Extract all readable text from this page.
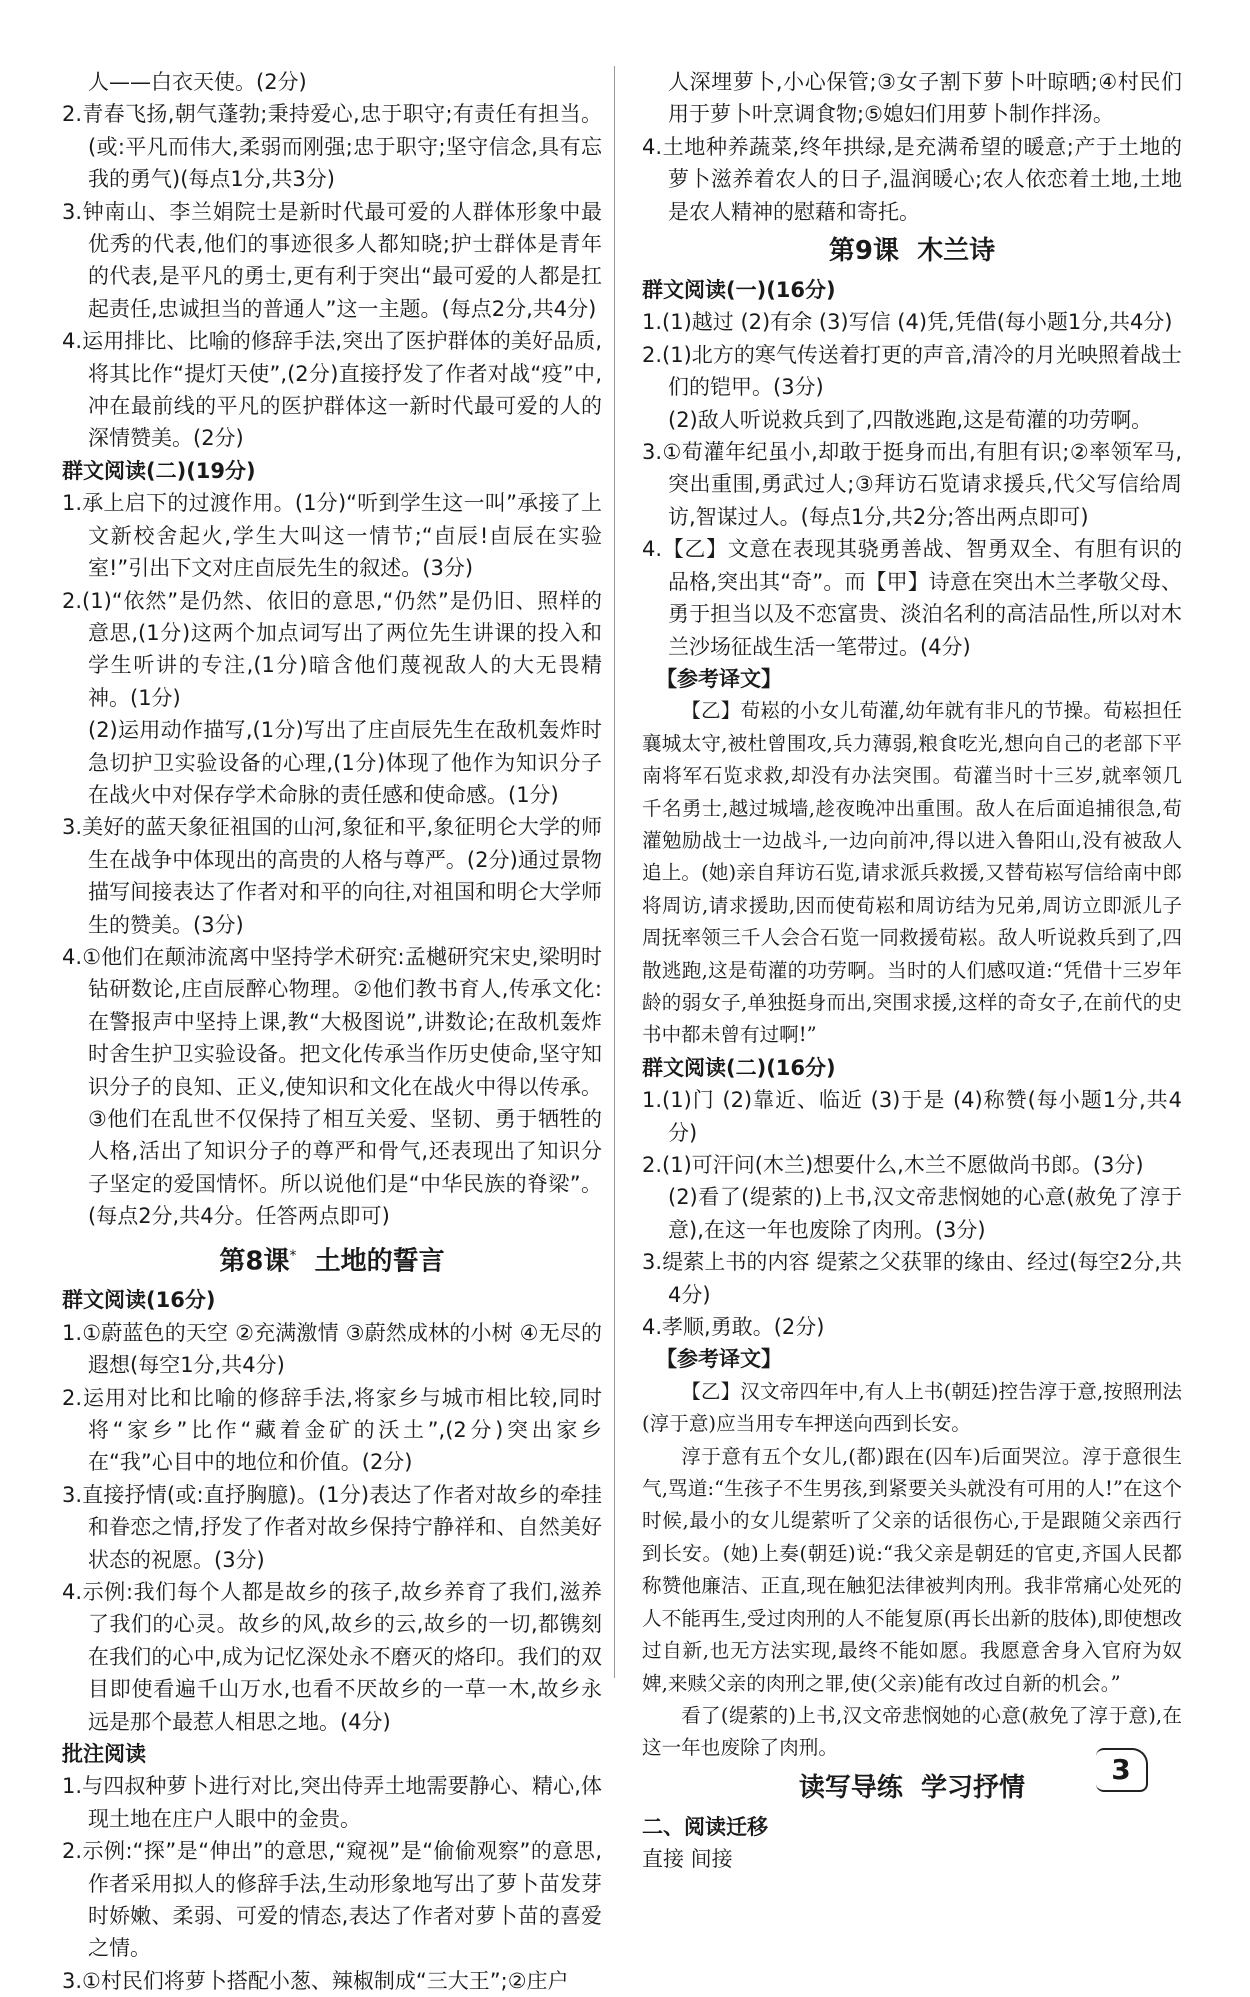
人——白衣天使。(2分)
2.青春飞扬,朝气蓬勃;秉持爱心,忠于职守;有责任有担当。(或:平凡而伟大,柔弱而刚强;忠于职守;坚守信念,具有忘我的勇气)(每点1分,共3分)
3.钟南山、李兰娟院士是新时代最可爱的人群体形象中最优秀的代表,他们的事迹很多人都知晓;护士群体是青年的代表,是平凡的勇士,更有利于突出“最可爱的人都是扛起责任,忠诚担当的普通人”这一主题。(每点2分,共4分)
4.运用排比、比喻的修辞手法,突出了医护群体的美好品质,将其比作“提灯天使”,(2分)直接抒发了作者对战“疫”中,冲在最前线的平凡的医护群体这一新时代最可爱的人的深情赞美。(2分)
群文阅读(二)(19分)
1.承上启下的过渡作用。(1分)“听到学生这一叫”承接了上文新校舍起火,学生大叫这一情节;“卣辰!卣辰在实验室!”引出下文对庄卣辰先生的叙述。(3分)
2.(1)“依然”是仍然、依旧的意思,“仍然”是仍旧、照样的意思,(1分)这两个加点词写出了两位先生讲课的投入和学生听讲的专注,(1分)暗含他们蔑视敌人的大无畏精神。(1分)
(2)运用动作描写,(1分)写出了庄卣辰先生在敌机轰炸时急切护卫实验设备的心理,(1分)体现了他作为知识分子在战火中对保存学术命脉的责任感和使命感。(1分)
3.美好的蓝天象征祖国的山河,象征和平,象征明仑大学的师生在战争中体现出的高贵的人格与尊严。(2分)通过景物描写间接表达了作者对和平的向往,对祖国和明仑大学师生的赞美。(3分)
4.①他们在颠沛流离中坚持学术研究:孟樾研究宋史,梁明时钻研数论,庄卣辰醉心物理。②他们教书育人,传承文化:在警报声中坚持上课,教“大极图说”,讲数论;在敌机轰炸时舍生护卫实验设备。把文化传承当作历史使命,坚守知识分子的良知、正义,使知识和文化在战火中得以传承。③他们在乱世不仅保持了相互关爱、坚韧、勇于牺牲的人格,活出了知识分子的尊严和骨气,还表现出了知识分子坚定的爱国情怀。所以说他们是“中华民族的脊梁”。(每点2分,共4分。任答两点即可)
第8课* 土地的誓言
群文阅读(16分)
1.①蔚蓝色的天空 ②充满激情 ③蔚然成林的小树 ④无尽的遐想(每空1分,共4分)
2.运用对比和比喻的修辞手法,将家乡与城市相比较,同时将“家乡”比作“藏着金矿的沃土”,(2分)突出家乡在“我”心目中的地位和价值。(2分)
3.直接抒情(或:直抒胸臆)。(1分)表达了作者对故乡的牵挂和眷恋之情,抒发了作者对故乡保持宁静祥和、自然美好状态的祝愿。(3分)
4.示例:我们每个人都是故乡的孩子,故乡养育了我们,滋养了我们的心灵。故乡的风,故乡的云,故乡的一切,都镌刻在我们的心中,成为记忆深处永不磨灭的烙印。我们的双目即使看遍千山万水,也看不厌故乡的一草一木,故乡永远是那个最惹人相思之地。(4分)
批注阅读
1.与四叔种萝卜进行对比,突出侍弄土地需要静心、精心,体现土地在庄户人眼中的金贵。
2.示例:“探”是“伸出”的意思,“窥视”是“偷偷观察”的意思,作者采用拟人的修辞手法,生动形象地写出了萝卜苗发芽时娇嫩、柔弱、可爱的情态,表达了作者对萝卜苗的喜爱之情。
3.①村民们将萝卜搭配小葱、辣椒制成“三大王”;②庄户
人深埋萝卜,小心保管;③女子割下萝卜叶晾晒;④村民们用于萝卜叶烹调食物;⑤媳妇们用萝卜制作拌汤。
4.土地种养蔬菜,终年拱绿,是充满希望的暖意;产于土地的萝卜滋养着农人的日子,温润暖心;农人依恋着土地,土地是农人精神的慰藉和寄托。
第9课 木兰诗
群文阅读(一)(16分)
1.(1)越过 (2)有余 (3)写信 (4)凭,凭借(每小题1分,共4分)
2.(1)北方的寒气传送着打更的声音,清冷的月光映照着战士们的铠甲。(3分)
(2)敌人听说救兵到了,四散逃跑,这是荀灌的功劳啊。
3.①荀灌年纪虽小,却敢于挺身而出,有胆有识;②率领军马,突出重围,勇武过人;③拜访石览请求援兵,代父写信给周访,智谋过人。(每点1分,共2分;答出两点即可)
4.【乙】文意在表现其骁勇善战、智勇双全、有胆有识的品格,突出其“奇”。而【甲】诗意在突出木兰孝敬父母、勇于担当以及不恋富贵、淡泊名利的高洁品性,所以对木兰沙场征战生活一笔带过。(4分)
【参考译文】
【乙】荀崧的小女儿荀灌,幼年就有非凡的节操。荀崧担任襄城太守,被杜曾围攻,兵力薄弱,粮食吃光,想向自己的老部下平南将军石览求救,却没有办法突围。荀灌当时十三岁,就率领几千名勇士,越过城墙,趁夜晚冲出重围。敌人在后面追捕很急,荀灌勉励战士一边战斗,一边向前冲,得以进入鲁阳山,没有被敌人追上。(她)亲自拜访石览,请求派兵救援,又替荀崧写信给南中郎将周访,请求援助,因而使荀崧和周访结为兄弟,周访立即派儿子周抚率领三千人会合石览一同救援荀崧。敌人听说救兵到了,四散逃跑,这是荀灌的功劳啊。当时的人们感叹道:“凭借十三岁年龄的弱女子,单独挺身而出,突围求援,这样的奇女子,在前代的史书中都未曾有过啊!”
群文阅读(二)(16分)
1.(1)门 (2)靠近、临近 (3)于是 (4)称赞(每小题1分,共4分)
2.(1)可汗问(木兰)想要什么,木兰不愿做尚书郎。(3分)
(2)看了(缇萦的)上书,汉文帝悲悯她的心意(赦免了淳于意),在这一年也废除了肉刑。(3分)
3.缇萦上书的内容 缇萦之父获罪的缘由、经过(每空2分,共4分)
4.孝顺,勇敢。(2分)
【参考译文】
【乙】汉文帝四年中,有人上书(朝廷)控告淳于意,按照刑法(淳于意)应当用专车押送向西到长安。
淳于意有五个女儿,(都)跟在(囚车)后面哭泣。淳于意很生气,骂道:“生孩子不生男孩,到紧要关头就没有可用的人!”在这个时候,最小的女儿缇萦听了父亲的话很伤心,于是跟随父亲西行到长安。(她)上奏(朝廷)说:“我父亲是朝廷的官吏,齐国人民都称赞他廉洁、正直,现在触犯法律被判肉刑。我非常痛心处死的人不能再生,受过肉刑的人不能复原(再长出新的肢体),即使想改过自新,也无方法实现,最终不能如愿。我愿意舍身入官府为奴婢,来赎父亲的肉刑之罪,使(父亲)能有改过自新的机会。”
看了(缇萦的)上书,汉文帝悲悯她的心意(赦免了淳于意),在这一年也废除了肉刑。
读写导练 学习抒情
二、阅读迁移
直接 间接
3
